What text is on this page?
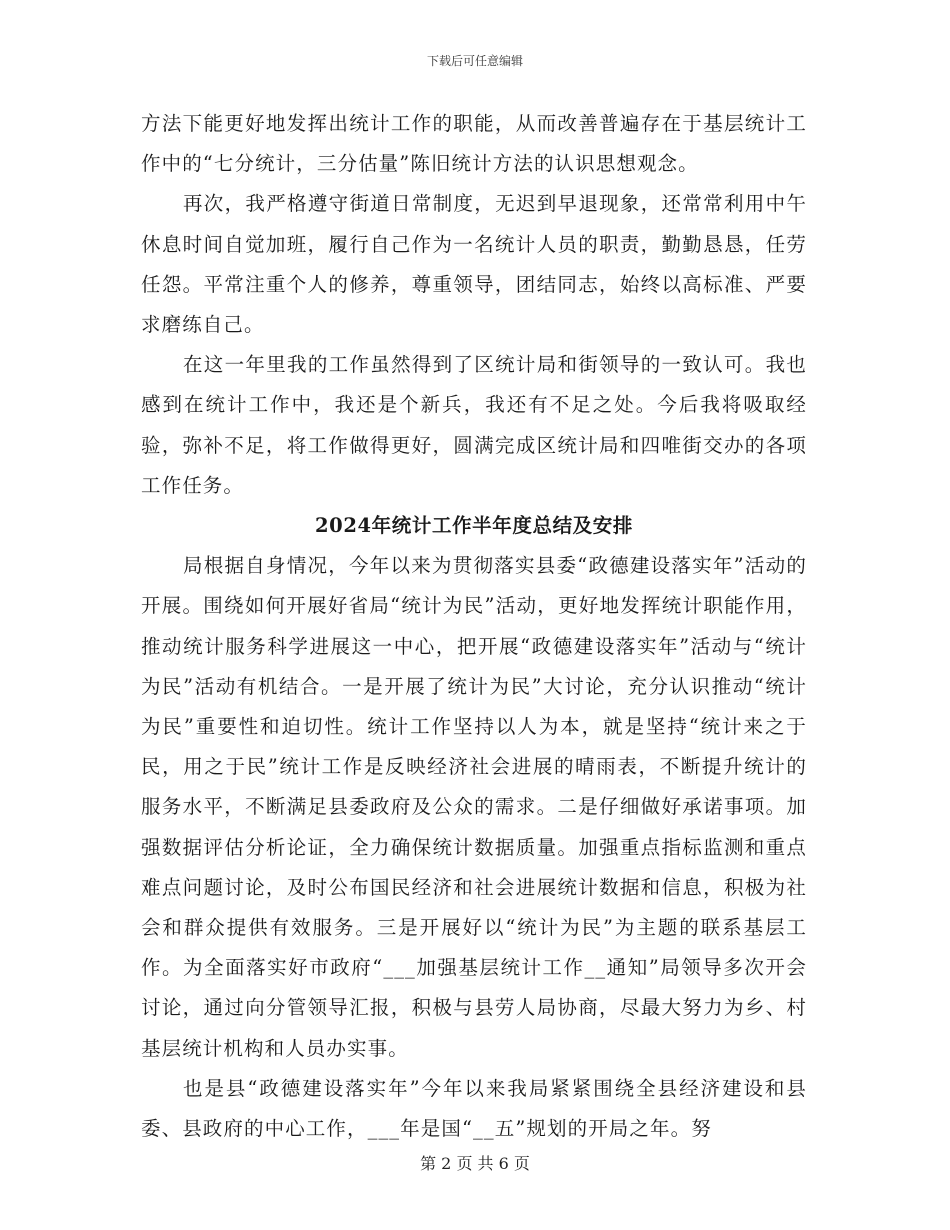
下载后可任意编辑

方法下能更好地发挥出统计工作的职能，从而改善普遍存在于基层统计工作中的“七分统计，三分估量”陈旧统计方法的认识思想观念。

再次，我严格遵守街道日常制度，无迟到早退现象，还常常利用中午休息时间自觉加班，履行自己作为一名统计人员的职责，勤勤恳恳，任劳任怨。平常注重个人的修养，尊重领导，团结同志，始终以高标准、严要求磨练自己。

在这一年里我的工作虽然得到了区统计局和街领导的一致认可。我也感到在统计工作中，我还是个新兵，我还有不足之处。今后我将吸取经验，弥补不足，将工作做得更好，圆满完成区统计局和四唯街交办的各项工作任务。

2024年统计工作半年度总结及安排

局根据自身情况，今年以来为贯彻落实县委“政德建设落实年”活动的开展。围绕如何开展好省局“统计为民”活动，更好地发挥统计职能作用，推动统计服务科学进展这一中心，把开展“政德建设落实年”活动与“统计为民”活动有机结合。一是开展了统计为民”大讨论，充分认识推动“统计为民”重要性和迫切性。统计工作坚持以人为本，就是坚持“统计来之于民，用之于民”统计工作是反映经济社会进展的晴雨表，不断提升统计的服务水平，不断满足县委政府及公众的需求。二是仔细做好承诺事项。加强数据评估分析论证，全力确保统计数据质量。加强重点指标监测和重点难点问题讨论，及时公布国民经济和社会进展统计数据和信息，积极为社会和群众提供有效服务。三是开展好以“统计为民”为主题的联系基层工作。为全面落实好市政府“___加强基层统计工作__通知”局领导多次开会讨论，通过向分管领导汇报，积极与县劳人局协商，尽最大努力为乡、村基层统计机构和人员办实事。

也是县“政德建设落实年”今年以来我局紧紧围绕全县经济建设和县委、县政府的中心工作，___年是国“__五”规划的开局之年。努

第 2 页 共 6 页
